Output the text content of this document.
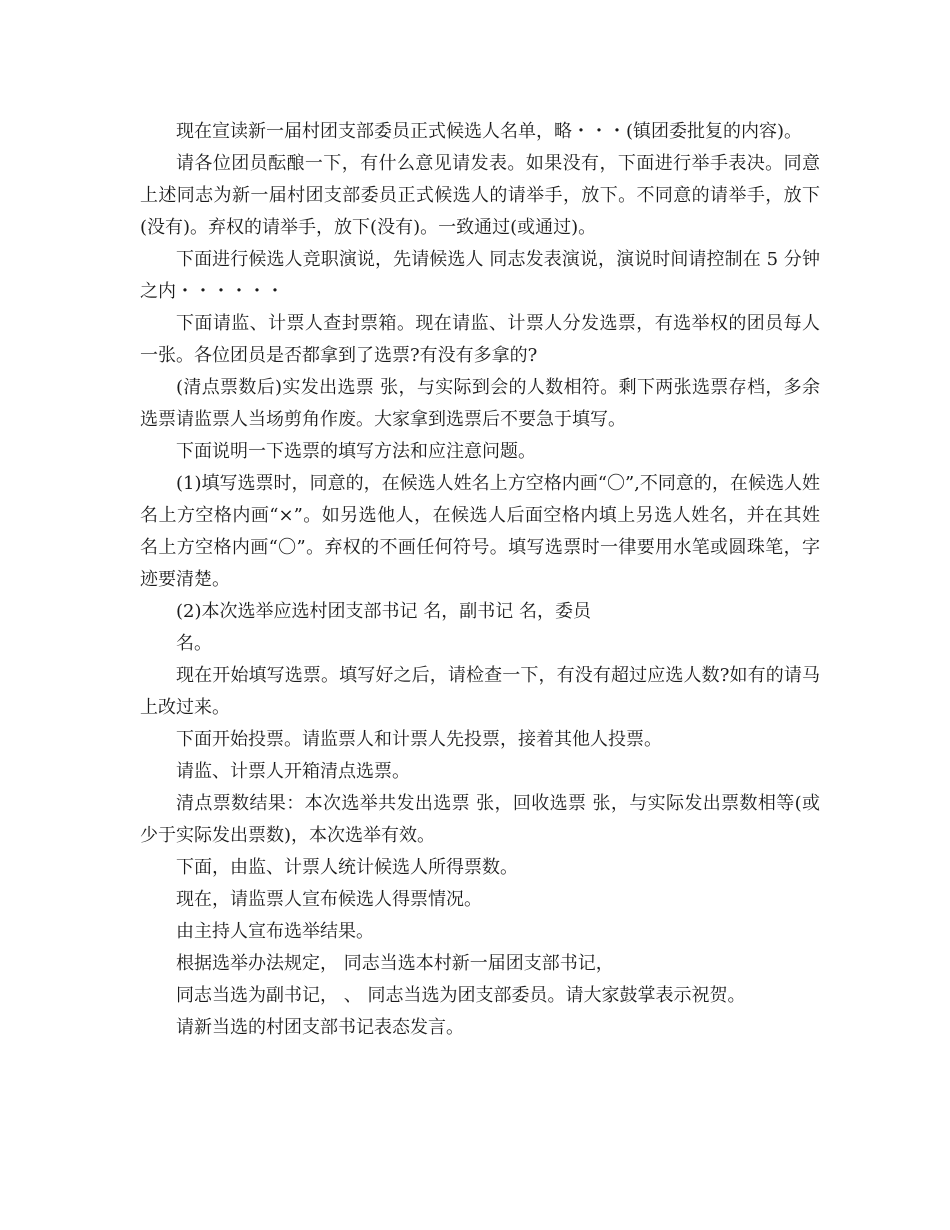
现在宣读新一届村团支部委员正式候选人名单，略・・・(镇团委批复的内容)。

请各位团员酝酿一下，有什么意见请发表。如果没有，下面进行举手表决。同意上述同志为新一届村团支部委员正式候选人的请举手，放下。不同意的请举手，放下(没有)。弃权的请举手，放下(没有)。一致通过(或通过)。

下面进行候选人竞职演说，先请候选人 同志发表演说，演说时间请控制在 5 分钟之内・・・・・・

下面请监、计票人查封票箱。现在请监、计票人分发选票，有选举权的团员每人一张。各位团员是否都拿到了选票?有没有多拿的?

(清点票数后)实发出选票 张，与实际到会的人数相符。剩下两张选票存档，多余选票请监票人当场剪角作废。大家拿到选票后不要急于填写。

下面说明一下选票的填写方法和应注意问题。

(1)填写选票时，同意的，在候选人姓名上方空格内画“〇”,不同意的，在候选人姓名上方空格内画“×”。如另选他人，在候选人后面空格内填上另选人姓名，并在其姓名上方空格内画“〇”。弃权的不画任何符号。填写选票时一律要用水笔或圆珠笔，字迹要清楚。

(2)本次选举应选村团支部书记 名，副书记 名，委员

名。

现在开始填写选票。填写好之后，请检查一下，有没有超过应选人数?如有的请马上改过来。

下面开始投票。请监票人和计票人先投票，接着其他人投票。

请监、计票人开箱清点选票。

清点票数结果：本次选举共发出选票 张，回收选票 张，与实际发出票数相等(或少于实际发出票数)，本次选举有效。

下面，由监、计票人统计候选人所得票数。

现在，请监票人宣布候选人得票情况。

由主持人宣布选举结果。

根据选举办法规定， 同志当选本村新一届团支部书记，

同志当选为副书记， 、 同志当选为团支部委员。请大家鼓掌表示祝贺。

请新当选的村团支部书记表态发言。
